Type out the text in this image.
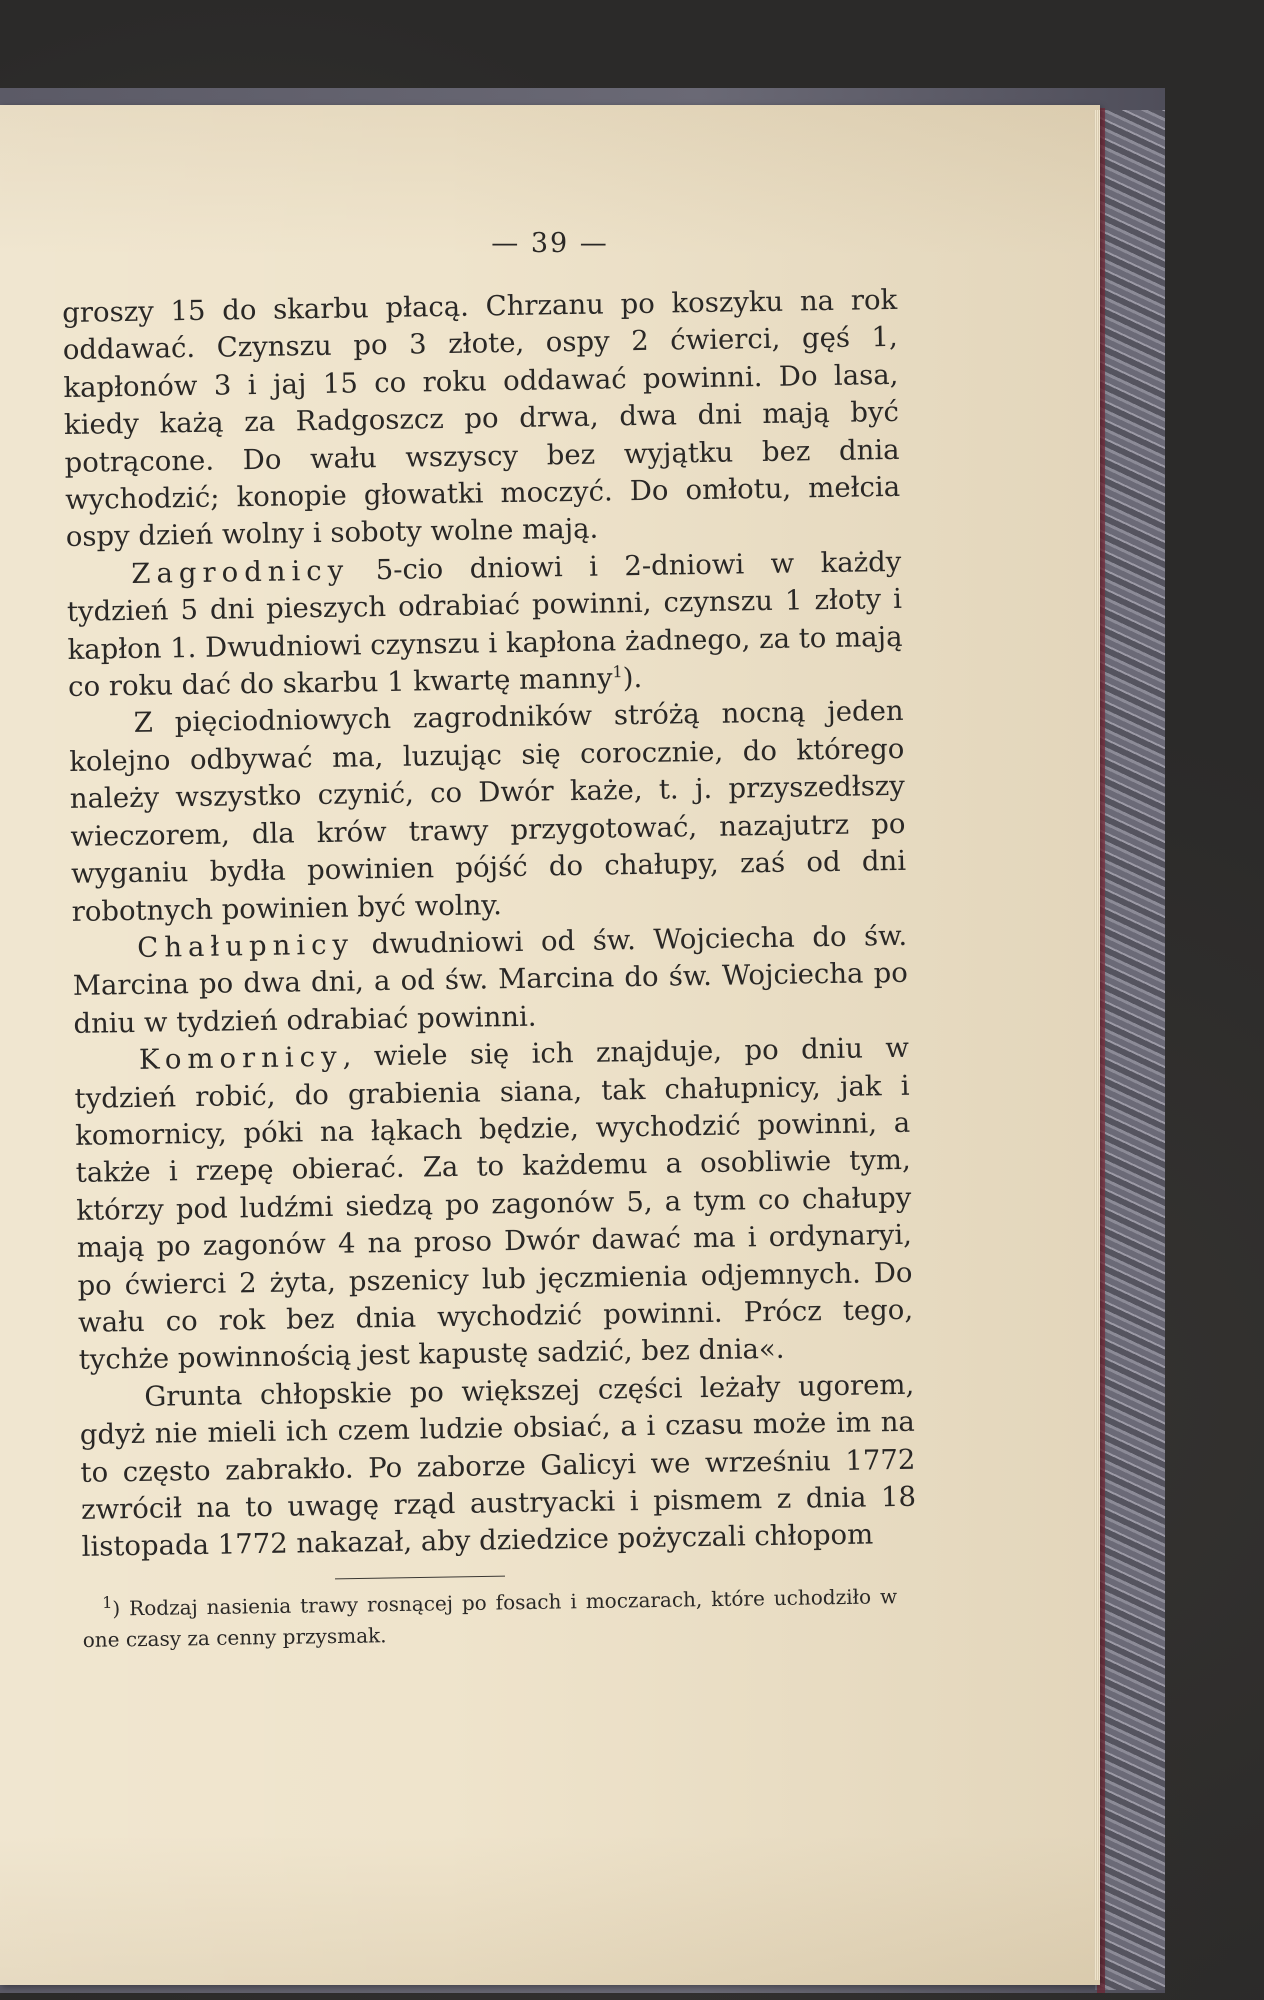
— 39 —

groszy 15 do skarbu płacą. Chrzanu po koszyku na rok oddawać. Czynszu po 3 złote, ospy 2 ćwierci, gęś 1, kapłonów 3 i jaj 15 co roku oddawać powinni. Do lasa, kiedy każą za Radgoszcz po drwa, dwa dni mają być potrącone. Do wału wszyscy bez wyjątku bez dnia wychodzić; konopie głowatki moczyć. Do omłotu, mełcia ospy dzień wolny i soboty wolne mają.

Zagrodnicy 5-cio dniowi i 2-dniowi w każdy tydzień 5 dni pieszych odrabiać powinni, czynszu 1 złoty i kapłon 1. Dwudniowi czynszu i kapłona żadnego, za to mają co roku dać do skarbu 1 kwartę manny$^1$).

Z pięciodniowych zagrodników stróżą nocną jeden kolejno odbywać ma, luzując się corocznie, do którego należy wszystko czynić, co Dwór każe, t. j. przyszedłszy wieczorem, dla krów trawy przygotować, nazajutrz po wyganiu bydła powinien pójść do chałupy, zaś od dni robotnych powinien być wolny.

Chałupnicy dwudniowi od św. Wojciecha do św. Marcina po dwa dni, a od św. Marcina do św. Wojciecha po dniu w tydzień odrabiać powinni.

Komornicy, wiele się ich znajduje, po dniu w tydzień robić, do grabienia siana, tak chałupnicy, jak i komornicy, póki na łąkach będzie, wychodzić powinni, a także i rzepę obierać. Za to każdemu a osobliwie tym, którzy pod ludźmi siedzą po zagonów 5, a tym co chałupy mają po zagonów 4 na proso Dwór dawać ma i ordynaryi, po ćwierci 2 żyta, pszenicy lub jęczmienia odjemnych. Do wału co rok bez dnia wychodzić powinni. Prócz tego, tychże powinnością jest kapustę sadzić, bez dnia«.

Grunta chłopskie po większej części leżały ugorem, gdyż nie mieli ich czem ludzie obsiać, a i czasu może im na to często zabrakło. Po zaborze Galicyi we wrześniu 1772 zwrócił na to uwagę rząd austryacki i pismem z dnia 18 listopada 1772 nakazał, aby dziedzice pożyczali chłopom

$^1$) Rodzaj nasienia trawy rosnącej po fosach i moczarach, które uchodziło w one czasy za cenny przysmak.
